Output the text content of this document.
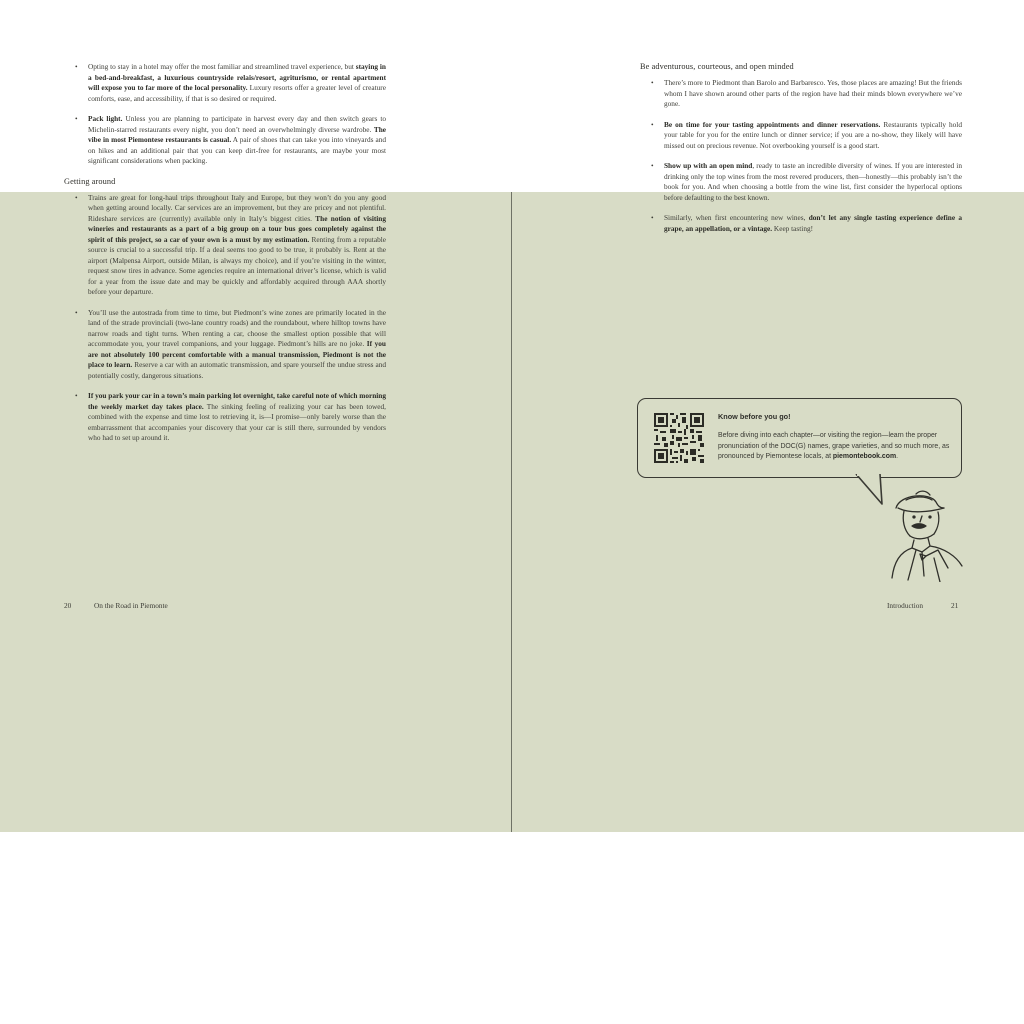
• Opting to stay in a hotel may offer the most familiar and streamlined travel experience, but staying in a bed-and-breakfast, a luxurious countryside relais/resort, agriturismo, or rental apartment will expose you to far more of the local personality. Luxury resorts offer a greater level of creature comforts, ease, and accessibility, if that is so desired or required.
• Pack light. Unless you are planning to participate in harvest every day and then switch gears to Michelin-starred restaurants every night, you don’t need an overwhelmingly diverse wardrobe. The vibe in most Piemontese restaurants is casual. A pair of shoes that can take you into vineyards and on hikes and an additional pair that you can keep dirt-free for restaurants, are maybe your most significant considerations when packing.
Getting around
• Trains are great for long-haul trips throughout Italy and Europe, but they won’t do you any good when getting around locally. Car services are an improvement, but they are pricey and not plentiful. Rideshare services are (currently) available only in Italy’s biggest cities. The notion of visiting wineries and restaurants as a part of a big group on a tour bus goes completely against the spirit of this project, so a car of your own is a must by my estimation. Renting from a reputable source is crucial to a successful trip. If a deal seems too good to be true, it probably is. Rent at the airport (Malpensa Airport, outside Milan, is always my choice), and if you’re visiting in the winter, request snow tires in advance. Some agencies require an international driver’s license, which is valid for a year from the issue date and may be quickly and affordably acquired through AAA shortly before your departure.
• You’ll use the autostrada from time to time, but Piedmont’s wine zones are primarily located in the land of the strade provinciali (two-lane country roads) and the roundabout, where hilltop towns have narrow roads and tight turns. When renting a car, choose the smallest option possible that will accommodate you, your travel companions, and your luggage. Piedmont’s hills are no joke. If you are not absolutely 100 percent comfortable with a manual transmission, Piedmont is not the place to learn. Reserve a car with an automatic transmission, and spare yourself the undue stress and potentially costly, dangerous situations.
• If you park your car in a town’s main parking lot overnight, take careful note of which morning the weekly market day takes place. The sinking feeling of realizing your car has been towed, combined with the expense and time lost to retrieving it, is—I promise—only barely worse than the embarrassment that accompanies your discovery that your car is still there, surrounded by vendors who had to set up around it.
Be adventurous, courteous, and open minded
• There’s more to Piedmont than Barolo and Barbaresco. Yes, those places are amazing! But the friends whom I have shown around other parts of the region have had their minds blown everywhere we’ve gone.
• Be on time for your tasting appointments and dinner reservations. Restaurants typically hold your table for you for the entire lunch or dinner service; if you are a no-show, they likely will have missed out on precious revenue. Not overbooking yourself is a good start.
• Show up with an open mind, ready to taste an incredible diversity of wines. If you are interested in drinking only the top wines from the most revered producers, then—honestly—this probably isn’t the book for you. And when choosing a bottle from the wine list, first consider the hyperlocal options before defaulting to the best known.
• Similarly, when first encountering new wines, don’t let any single tasting experience define a grape, an appellation, or a vintage. Keep tasting!
Know before you go!
Before diving into each chapter—or visiting the region—learn the proper pronunciation of the DOC(G) names, grape varieties, and so much more, as pronounced by Piemontese locals, at piemontebook.com.
20	On the Road in Piemonte	Introduction	21
